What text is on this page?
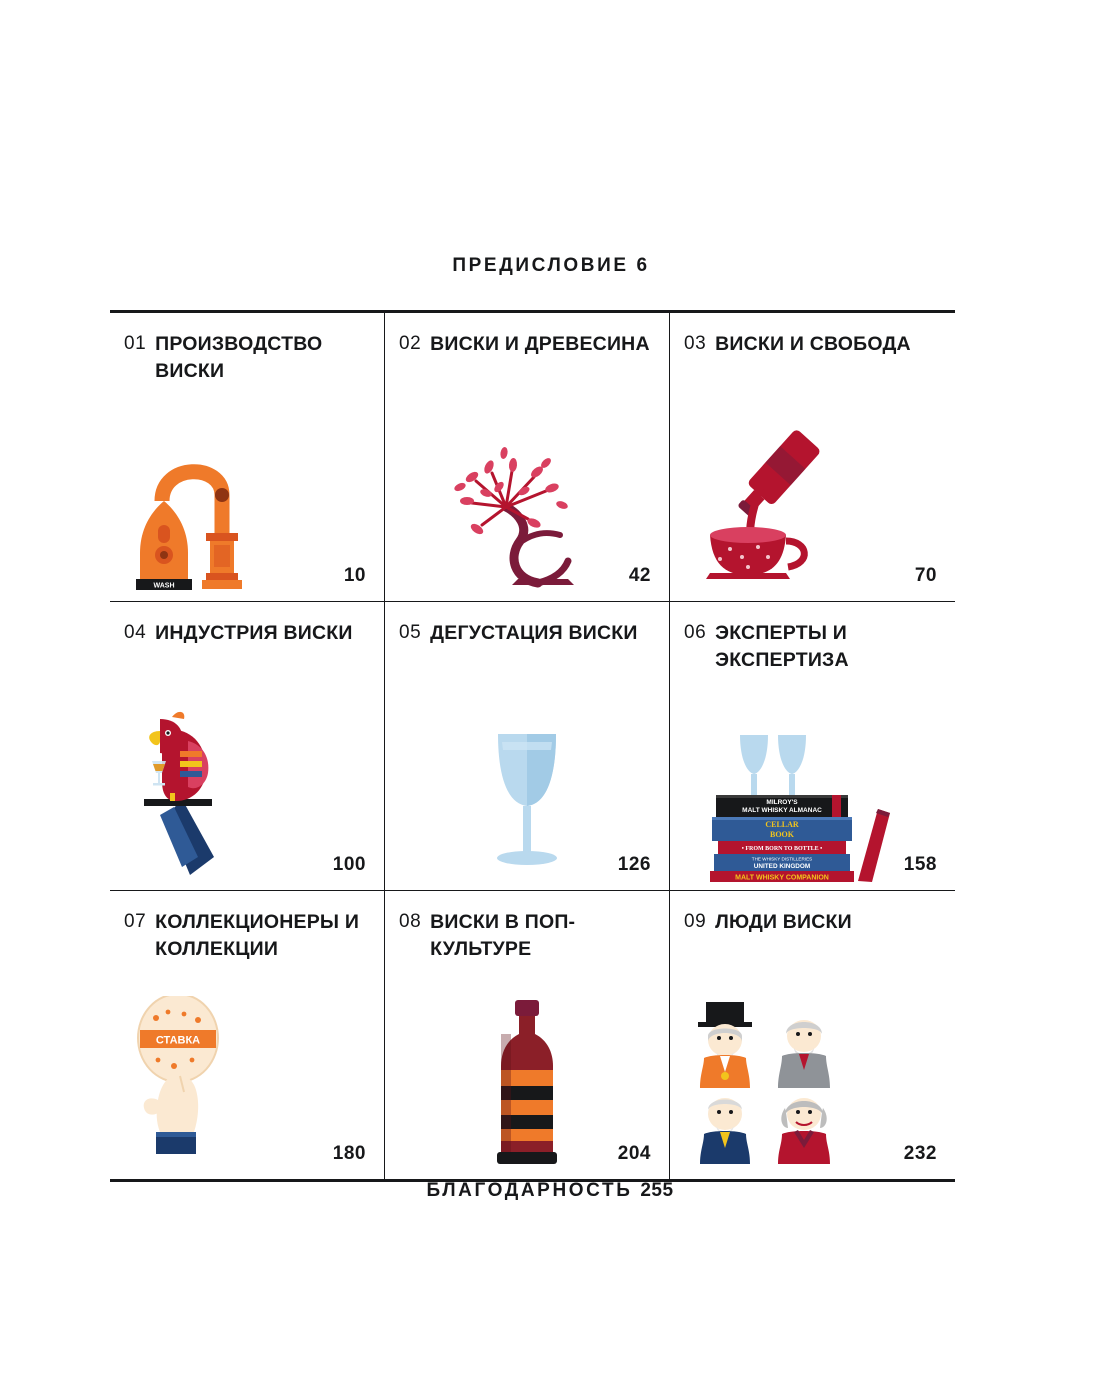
ПРЕДИСЛОВИЕ 6
01 ПРОИЗВОДСТВО ВИСКИ
WASH	10
02 ВИСКИ И ДРЕВЕСИНА
42
03 ВИСКИ И СВОБОДА
70
04 ИНДУСТРИЯ ВИСКИ
100
05 ДЕГУСТАЦИЯ ВИСКИ
126
06 ЭКСПЕРТЫ И ЭКСПЕРТИЗА
MILROY'S
MALT WHISKY ALMANAC
CELLAR
BOOK
• FROM BORN TO BOTTLE •
THE WHISKY DISTILLERIES
UNITED KINGDOM
MALT WHISKY COMPANION
158
07 КОЛЛЕКЦИОНЕРЫ И КОЛЛЕКЦИИ
СТАВКА
180
08 ВИСКИ В ПОП-КУЛЬТУРЕ
204
09 ЛЮДИ ВИСКИ
232
БЛАГОДАРНОСТЬ 255
